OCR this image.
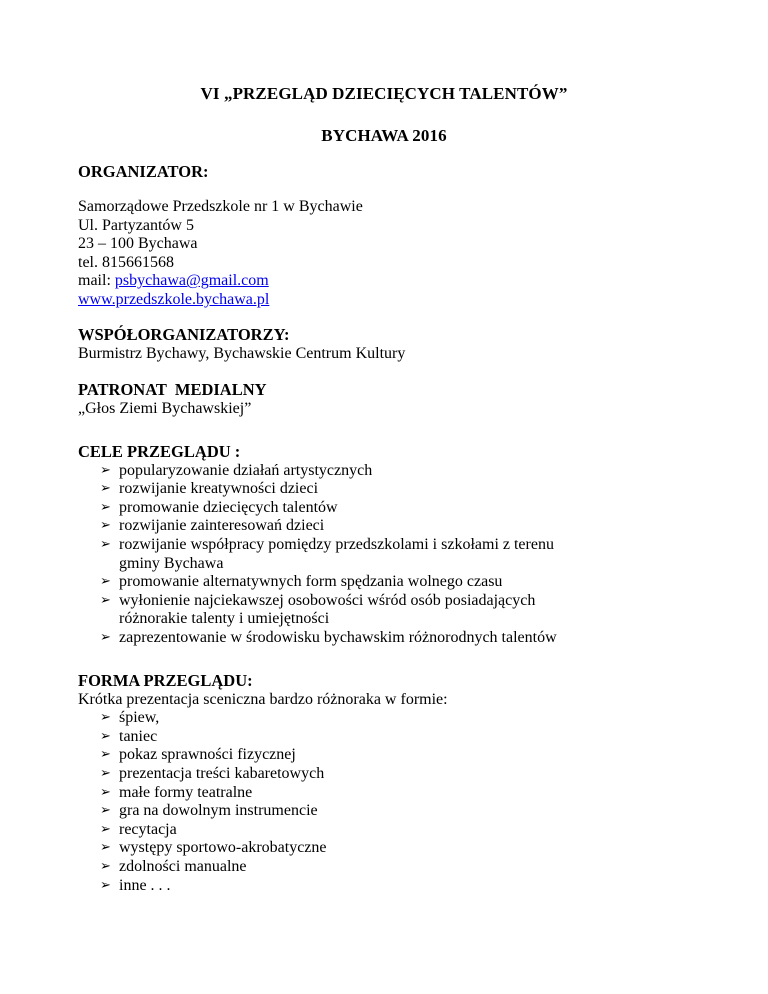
VI „PRZEGLĄD DZIECIĘCYCH TALENTÓW”
BYCHAWA 2016
ORGANIZATOR:
Samorządowe Przedszkole nr 1 w Bychawie
Ul. Partyzantów 5
23 – 100 Bychawa
tel. 815661568
mail: psbychawa@gmail.com
www.przedszkole.bychawa.pl
WSPÓŁORGANIZATORZY:
Burmistrz Bychawy, Bychawskie Centrum Kultury
PATRONAT  MEDIALNY
„Głos Ziemi Bychawskiej”
CELE PRZEGLĄDU :
➢ popularyzowanie działań artystycznych
➢ rozwijanie kreatywności dzieci
➢ promowanie dziecięcych talentów
➢ rozwijanie zainteresowań dzieci
➢ rozwijanie współpracy pomiędzy przedszkolami i szkołami z terenu
gminy Bychawa
➢ promowanie alternatywnych form spędzania wolnego czasu
➢ wyłonienie najciekawszej osobowości wśród osób posiadających
różnorakie talenty i umiejętności
➢ zaprezentowanie w środowisku bychawskim różnorodnych talentów
FORMA PRZEGLĄDU:
Krótka prezentacja sceniczna bardzo różnoraka w formie:
➢ śpiew,
➢ taniec
➢ pokaz sprawności fizycznej
➢ prezentacja treści kabaretowych
➢ małe formy teatralne
➢ gra na dowolnym instrumencie
➢ recytacja
➢ występy sportowo-akrobatyczne
➢ zdolności manualne
➢ inne . . .
